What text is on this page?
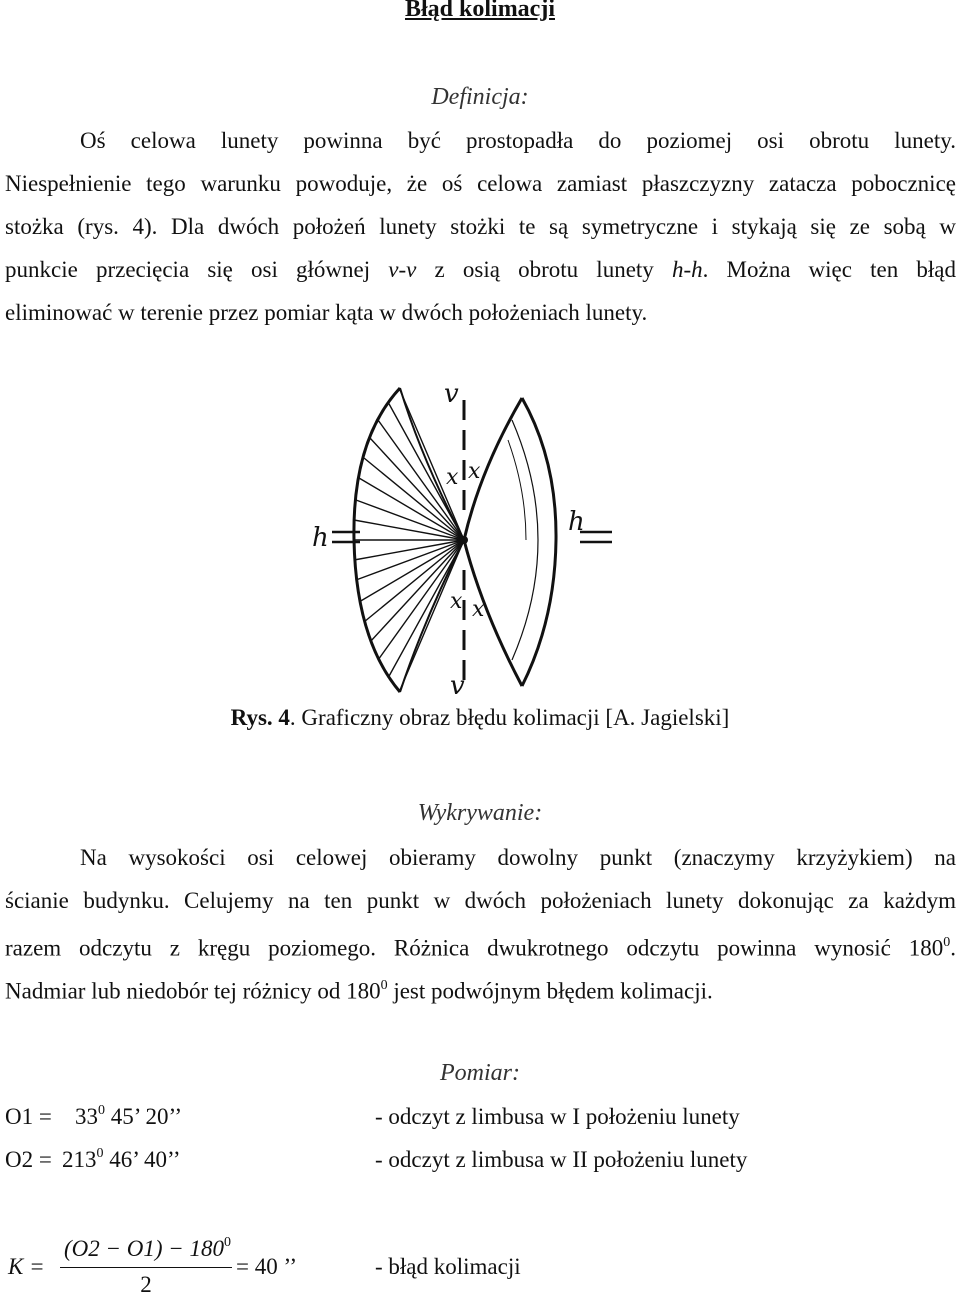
Błąd kolimacji
Definicja:
Oś celowa lunety powinna być prostopadła do poziomej osi obrotu lunety.
Niespełnienie tego warunku powoduje, że oś celowa zamiast płaszczyzny zatacza pobocznicę
stożka (rys. 4). Dla dwóch położeń lunety stożki te są symetryczne i stykają się ze sobą w
punkcie przecięcia się osi głównej v-v z osią obrotu lunety h-h. Można więc ten błąd
eliminować w terenie przez pomiar kąta w dwóch położeniach lunety.
v
v
h
h
x x
x x
Rys. 4. Graficzny obraz błędu kolimacji [A. Jagielski]
Wykrywanie:
Na wysokości osi celowej obieramy dowolny punkt (znaczymy krzyżykiem) na
ścianie budynku. Celujemy na ten punkt w dwóch położeniach lunety dokonując za każdym
razem odczytu z kręgu poziomego. Różnica dwukrotnego odczytu powinna wynosić $180^0$.
Nadmiar lub niedobór tej różnicy od $180^0$ jest podwójnym błędem kolimacji.
Pomiar:
$O1 = 33^0$ 45’ 20’’	- odczyt z limbusa w I położeniu lunety
$O2 = 213^0$ 46’ 40’’	- odczyt z limbusa w II położeniu lunety
K =
$(O2 - O1) - 180^0$
2
= 40 ’’	- błąd kolimacji
